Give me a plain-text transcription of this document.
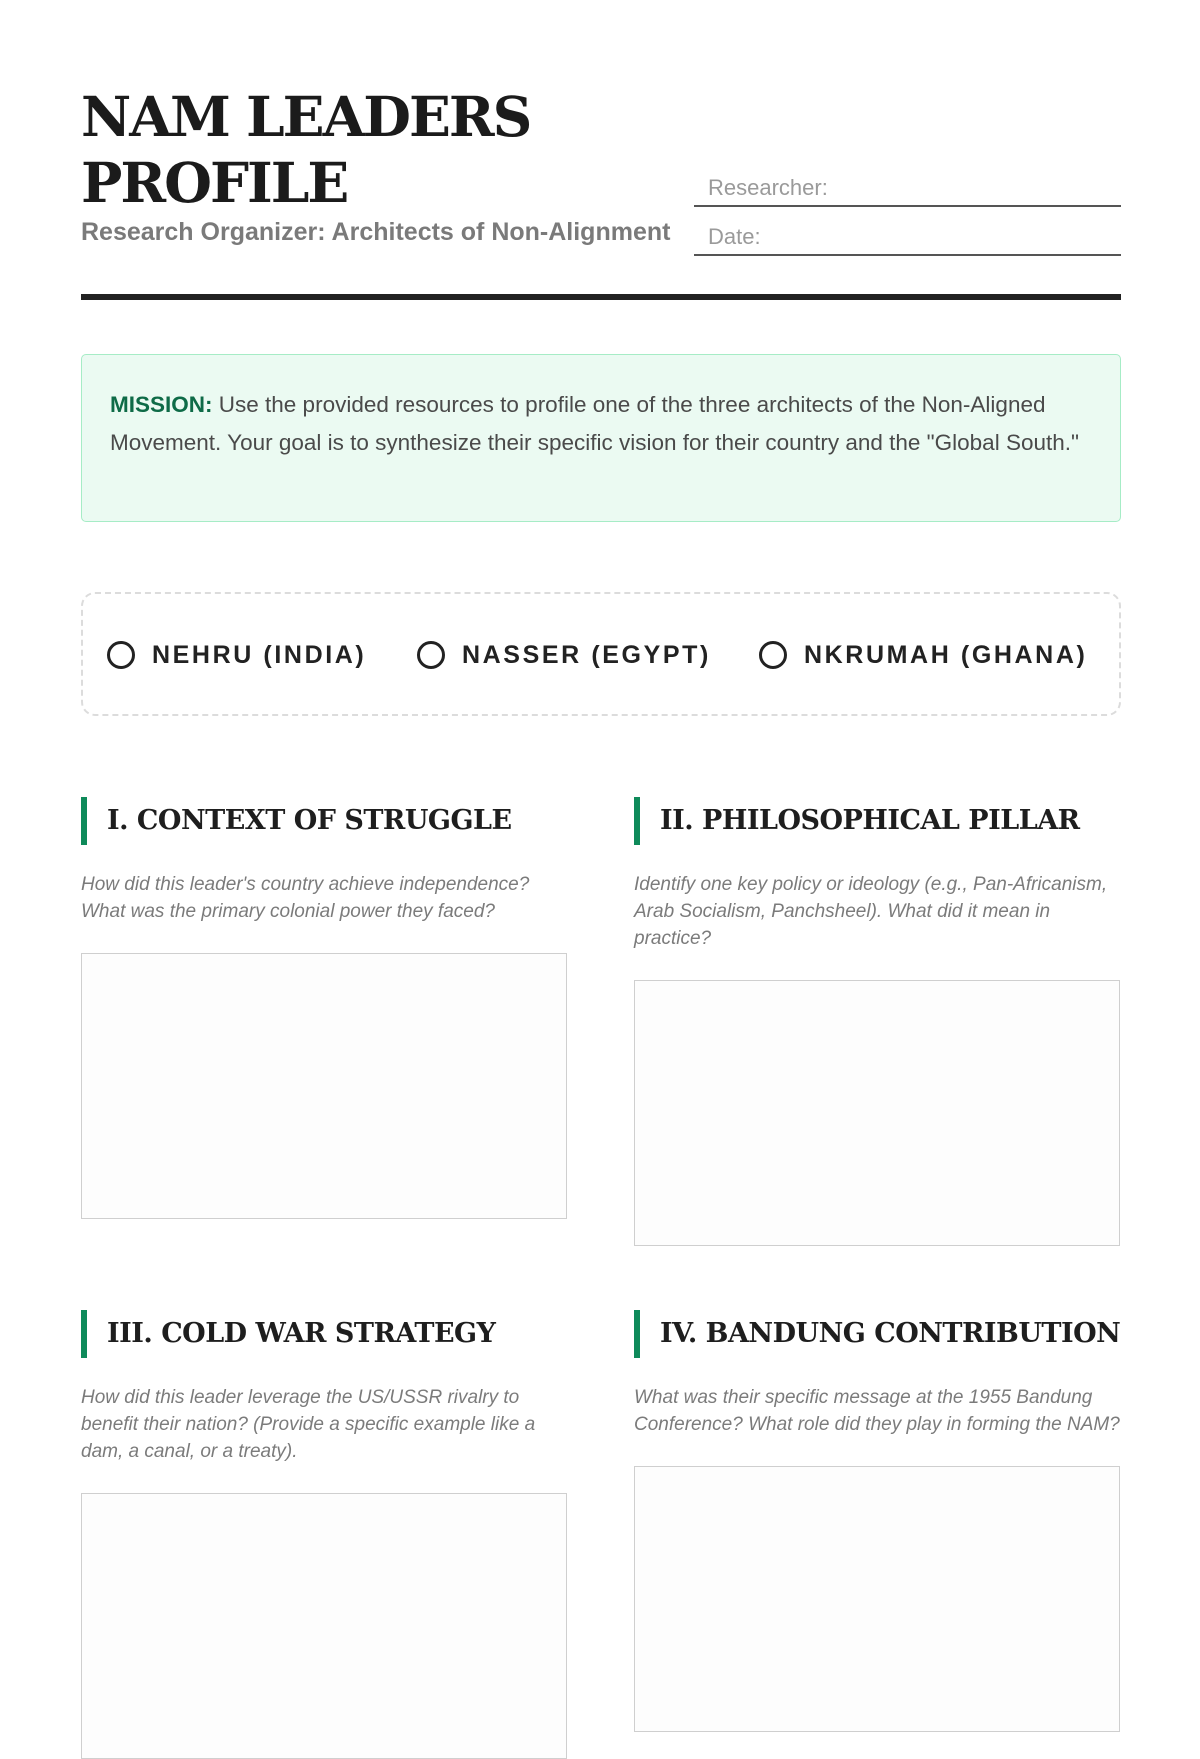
NAM LEADERS PROFILE

Research Organizer: Architects of Non-Alignment

Researcher:
Date:
MISSION: Use the provided resources to profile one of the three architects of the Non-Aligned Movement. Your goal is to synthesize their specific vision for their country and the "Global South."
NEHRU (INDIA)	NASSER (EGYPT)	NKRUMAH (GHANA)
I. CONTEXT OF STRUGGLE

How did this leader's country achieve independence? What was the primary colonial power they faced?

II. PHILOSOPHICAL PILLAR

Identify one key policy or ideology (e.g., Pan-Africanism, Arab Socialism, Panchsheel). What did it mean in practice?

III. COLD WAR STRATEGY

How did this leader leverage the US/USSR rivalry to benefit their nation? (Provide a specific example like a dam, a canal, or a treaty).

IV. BANDUNG CONTRIBUTION

What was their specific message at the 1955 Bandung Conference? What role did they play in forming the NAM?
